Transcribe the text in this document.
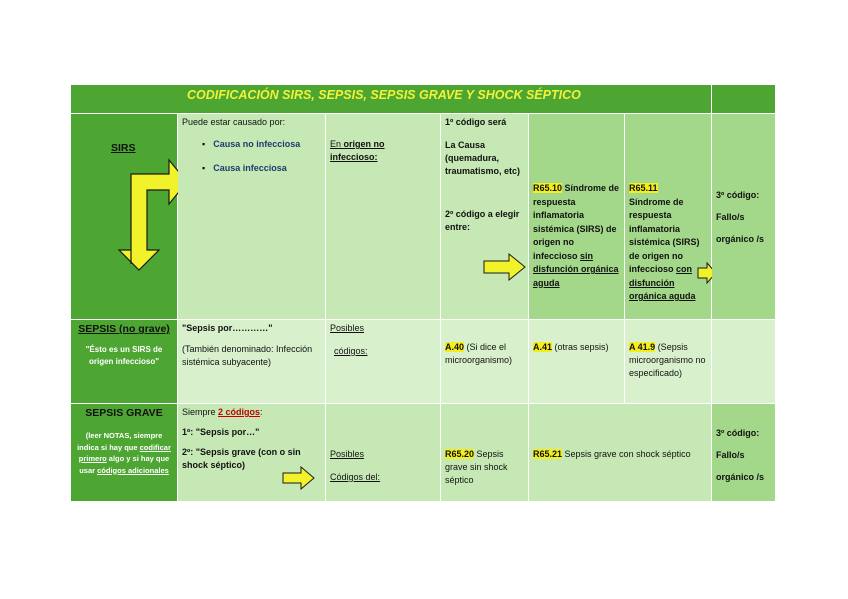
CODIFICACIÓN SIRS, SEPSIS, SEPSIS GRAVE Y SHOCK SÉPTICO
SIRS

Puede estar causado por:

▪ Causa no infecciosa
▪ Causa infecciosa

En origen no infeccioso:

1º código será

La Causa (quemadura, traumatismo, etc)

2º código a elegir entre:

R65.10 Síndrome de respuesta inflamatoria sistémica (SIRS) de origen no infeccioso sin disfunción orgánica aguda

R65.11
Síndrome de respuesta inflamatoria sistémica (SIRS) de origen no infeccioso con disfunción orgánica aguda

3º código:

Fallo/s

orgánico /s

SEPSIS (no grave)

"Ésto es un SIRS de origen infeccioso"

"Sepsis por…………"

(También denominado: Infección sistémica subyacente)

Posibles

códigos:	A.40 (Si dice el microorganismo)

A.41 (otras sepsis)	A 41.9 (Sepsis microorganismo no especificado)

SEPSIS GRAVE

(leer NOTAS, siempre indica si hay que codificar primero algo y si hay que usar códigos adicionales

Siempre 2 códigos:

1º: "Sepsis por…"

2º: "Sepsis grave (con o sin shock séptico)

Posibles

Códigos del:

R65.20 Sepsis grave sin shock séptico

R65.21 Sepsis grave con shock séptico

3º código:

Fallo/s

orgánico /s
